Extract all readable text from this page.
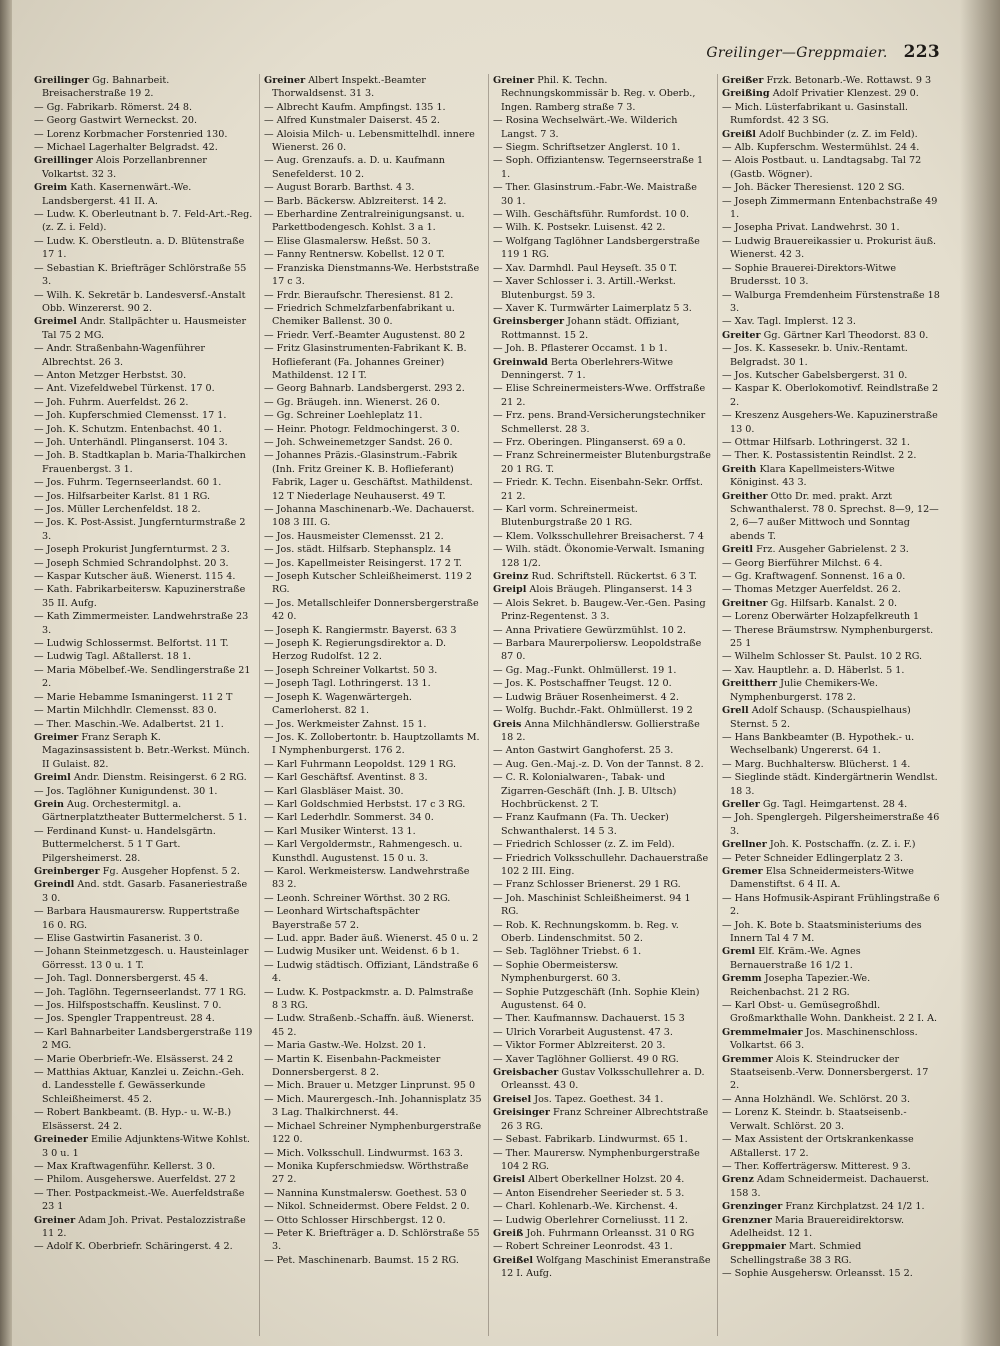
Greilinger—Greppmaier. 223

Greilinger Gg. Bahnarbeit. Breisacherstraße 19 2.

— Gg. Fabrikarb. Römerst. 24 8.

— Georg Gastwirt Werneckst. 20.

— Lorenz Korbmacher Forstenried 130.

— Michael Lagerhalter Belgradst. 42.

Greillinger Alois Porzellanbrenner Volkartst. 32 3.

Greim Kath. Kasernenwärt.-We. Landsbergerst. 41 II. A.

— Ludw. K. Oberleutnant b. 7. Feld-Art.-Reg. (z. Z. i. Feld).

— Ludw. K. Oberstleutn. a. D. Blütenstraße 17 1.

— Sebastian K. Briefträger Schlörstraße 55 3.

— Wilh. K. Sekretär b. Landesversf.-Anstalt Obb. Winzererst. 90 2.

Greimel Andr. Stallpächter u. Hausmeister Tal 75 2 MG.

— Andr. Straßenbahn-Wagenführer Albrechtst. 26 3.

— Anton Metzger Herbstst. 30.

— Ant. Vizefeldwebel Türkenst. 17 0.

— Joh. Fuhrm. Auerfeldst. 26 2.

— Joh. Kupferschmied Clemensst. 17 1.

— Joh. K. Schutzm. Entenbachst. 40 1.

— Joh. Unterhändl. Plinganserst. 104 3.

— Joh. B. Stadtkaplan b. Maria-Thalkirchen Frauenbergst. 3 1.

— Jos. Fuhrm. Tegernseerlandst. 60 1.

— Jos. Hilfsarbeiter Karlst. 81 1 RG.

— Jos. Müller Lerchenfeldst. 18 2.

— Jos. K. Post-Assist. Jungfernturmstraße 2 3.

— Joseph Prokurist Jungfernturmst. 2 3.

— Joseph Schmied Schrandolphst. 20 3.

— Kaspar Kutscher äuß. Wienerst. 115 4.

— Kath. Fabrikarbeitersw. Kapuzinerstraße 35 II. Aufg.

— Kath Zimmermeister. Landwehrstraße 23 3.

— Ludwig Schlossermst. Belfortst. 11 T.

— Ludwig Tagl. Aßtallerst. 18 1.

— Maria Möbelbef.-We. Sendlingerstraße 21 2.

— Marie Hebamme Ismaningerst. 11 2 T

— Martin Milchhdlr. Clemensst. 83 0.

— Ther. Maschin.-We. Adalbertst. 21 1.

Greimer Franz Seraph K. Magazinsassistent b. Betr.-Werkst. Münch. II Gulaist. 82.

Greiml Andr. Dienstm. Reisingerst. 6 2 RG.

— Jos. Taglöhner Kunigundenst. 30 1.

Grein Aug. Orchestermitgl. a. Gärtnerplatztheater Buttermelcherst. 5 1.

— Ferdinand Kunst- u. Handelsgärtn. Buttermelcherst. 5 1 T Gart. Pilgersheimerst. 28.

Greinberger Fg. Ausgeher Hopfenst. 5 2.

Greindl And. stdt. Gasarb. Fasaneriestraße 3 0.

— Barbara Hausmaurersw. Ruppertstraße 16 0. RG.

— Elise Gastwirtin Fasanerist. 3 0.

— Johann Steinmetzgesch. u. Hausteinlager Görresst. 13 0 u. 1 T.

— Joh. Tagl. Donnersbergerst. 45 4.

— Joh. Taglöhn. Tegernseerlandst. 77 1 RG.

— Jos. Hilfspostschaffn. Keuslinst. 7 0.

— Jos. Spengler Trappentreust. 28 4.

— Karl Bahnarbeiter Landsbergerstraße 119 2 MG.

— Marie Oberbriefr.-We. Elsässerst. 24 2

— Matthias Aktuar, Kanzlei u. Zeichn.-Geh. d. Landesstelle f. Gewässerkunde Schleißheimerst. 45 2.

— Robert Bankbeamt. (B. Hyp.- u. W.-B.) Elsässerst. 24 2.

Greineder Emilie Adjunktens-Witwe Kohlst. 3 0 u. 1

— Max Kraftwagenführ. Kellerst. 3 0.

— Philom. Ausgeherswe. Auerfeldst. 27 2

— Ther. Postpackmeist.-We. Auerfeldstraße 23 1

Greiner Adam Joh. Privat. Pestalozzistraße 11 2.

— Adolf K. Oberbriefr. Schäringerst. 4 2.

Greiner Albert Inspekt.-Beamter Thorwaldsenst. 31 3.

— Albrecht Kaufm. Ampfingst. 135 1.

— Alfred Kunstmaler Daiserst. 45 2.

— Aloisia Milch- u. Lebensmittelhdl. innere Wienerst. 26 0.

— Aug. Grenzaufs. a. D. u. Kaufmann Senefelderst. 10 2.

— August Borarb. Barthst. 4 3.

— Barb. Bäckersw. Ablzreiterst. 14 2.

— Eberhardine Zentralreinigungsanst. u. Parkettbodengesch. Kohlst. 3 a 1.

— Elise Glasmalersw. Heßst. 50 3.

— Fanny Rentnersw. Kobellst. 12 0 T.

— Franziska Dienstmanns-We. Herbststraße 17 c 3.

— Frdr. Bieraufschr. Theresienst. 81 2.

— Friedrich Schmelzfarbenfabrikant u. Chemiker Ballenst. 30 0.

— Friedr. Verf.-Beamter Augustenst. 80 2

— Fritz Glasinstrumenten-Fabrikant K. B. Hoflieferant (Fa. Johannes Greiner) Mathildenst. 12 I T.

— Georg Bahnarb. Landsbergerst. 293 2.

— Gg. Bräugeh. inn. Wienerst. 26 0.

— Gg. Schreiner Loehleplatz 11.

— Heinr. Photogr. Feldmochingerst. 3 0.

— Joh. Schweinemetzger Sandst. 26 0.

— Johannes Präzis.-Glasinstrum.-Fabrik (Inh. Fritz Greiner K. B. Hoflieferant) Fabrik, Lager u. Geschäftst. Mathildenst. 12 T Niederlage Neuhauserst. 49 T.

— Johanna Maschinenarb.-We. Dachauerst. 108 3 III. G.

— Jos. Hausmeister Clemensst. 21 2.

— Jos. städt. Hilfsarb. Stephansplz. 14

— Jos. Kapellmeister Reisingerst. 17 2 T.

— Joseph Kutscher Schleißheimerst. 119 2 RG.

— Jos. Metallschleifer Donnersbergerstraße 42 0.

— Joseph K. Rangiermstr. Bayerst. 63 3

— Joseph K. Regierungsdirektor a. D. Herzog Rudolfst. 12 2.

— Joseph Schreiner Volkartst. 50 3.

— Joseph Tagl. Lothringerst. 13 1.

— Joseph K. Wagenwärtergeh. Camerloherst. 82 1.

— Jos. Werkmeister Zahnst. 15 1.

— Jos. K. Zollobertontr. b. Hauptzollamts M. I Nymphenburgerst. 176 2.

— Karl Fuhrmann Leopoldst. 129 1 RG.

— Karl Geschäftsf. Aventinst. 8 3.

— Karl Glasbläser Maist. 30.

— Karl Goldschmied Herbstst. 17 c 3 RG.

— Karl Lederhdlr. Sommerst. 34 0.

— Karl Musiker Winterst. 13 1.

— Karl Vergoldermstr., Rahmengesch. u. Kunsthdl. Augustenst. 15 0 u. 3.

— Karol. Werkmeistersw. Landwehrstraße 83 2.

— Leonh. Schreiner Wörthst. 30 2 RG.

— Leonhard Wirtschaftspächter Bayerstraße 57 2.

— Lud. appr. Bader äuß. Wienerst. 45 0 u. 2

— Ludwig Musiker unt. Weidenst. 6 b 1.

— Ludwig städtisch. Offiziant, Ländstraße 6 4.

— Ludw. K. Postpackmstr. a. D. Palmstraße 8 3 RG.

— Ludw. Straßenb.-Schaffn. äuß. Wienerst. 45 2.

— Maria Gastw.-We. Holzst. 20 1.

— Martin K. Eisenbahn-Packmeister Donnersbergerst. 8 2.

— Mich. Brauer u. Metzger Linprunst. 95 0

— Mich. Maurergesch.-Inh. Johannisplatz 35 3 Lag. Thalkirchnerst. 44.

— Michael Schreiner Nymphenburgerstraße 122 0.

— Mich. Volksschull. Lindwurmst. 163 3.

— Monika Kupferschmiedsw. Wörthstraße 27 2.

— Nannina Kunstmalersw. Goethest. 53 0

— Nikol. Schneidermst. Obere Feldst. 2 0.

— Otto Schlosser Hirschbergst. 12 0.

— Peter K. Briefträger a. D. Schlörstraße 55 3.

— Pet. Maschinenarb. Baumst. 15 2 RG.

Greiner Phil. K. Techn. Rechnungskommissär b. Reg. v. Oberb., Ingen. Ramberg straße 7 3.

— Rosina Wechselwärt.-We. Wilderich Langst. 7 3.

— Siegm. Schriftsetzer Anglerst. 10 1.

— Soph. Offiziantensw. Tegernseerstraße 1 1.

— Ther. Glasinstrum.-Fabr.-We. Maistraße 30 1.

— Wilh. Geschäftsführ. Rumfordst. 10 0.

— Wilh. K. Postsekr. Luisenst. 42 2.

— Wolfgang Taglöhner Landsbergerstraße 119 1 RG.

— Xav. Darmhdl. Paul Heyseſt. 35 0 T.

— Xaver Schlosser i. 3. Artill.-Werkst. Blutenburgst. 59 3.

— Xaver K. Turmwärter Laimerplatz 5 3.

Greinsberger Johann städt. Offiziant, Rottmannst. 15 2.

— Joh. B. Pflasterer Occamst. 1 b 1.

Greinwald Berta Oberlehrers-Witwe Denningerst. 7 1.

— Elise Schreinermeisters-Wwe. Orffstraße 21 2.

— Frz. pens. Brand-Versicherungstechniker Schmellerst. 28 3.

— Frz. Oberingen. Plinganserst. 69 a 0.

— Franz Schreinermeister Blutenburgstraße 20 1 RG. T.

— Friedr. K. Techn. Eisenbahn-Sekr. Orffst. 21 2.

— Karl vorm. Schreinermeist. Blutenburgstraße 20 1 RG.

— Klem. Volksschullehrer Breisacherst. 7 4

— Wilh. städt. Ökonomie-Verwalt. Ismaning 128 1/2.

Greinz Rud. Schriftstell. Rückertst. 6 3 T.

Greipl Alois Bräugeh. Plinganserst. 14 3

— Alois Sekret. b. Baugew.-Ver.-Gen. Pasing Prinz-Regentenst. 3 3.

— Anna Privatiere Gewürzmühlst. 10 2.

— Barbara Maurerpoliersw. Leopoldstraße 87 0.

— Gg. Mag.-Funkt. Ohlmüllerst. 19 1.

— Jos. K. Postschaffner Teugst. 12 0.

— Ludwig Bräuer Rosenheimerst. 4 2.

— Wolfg. Buchdr.-Fakt. Ohlmüllerst. 19 2

Greis Anna Milchhändlersw. Gollierstraße 18 2.

— Anton Gastwirt Ganghoferst. 25 3.

— Aug. Gen.-Maj.-z. D. Von der Tannst. 8 2.

— C. R. Kolonialwaren-, Tabak- und Zigarren-Geschäft (Inh. J. B. Ultsch) Hochbrückenst. 2 T.

— Franz Kaufmann (Fa. Th. Uecker) Schwanthalerst. 14 5 3.

— Friedrich Schlosser (z. Z. im Feld).

— Friedrich Volksschullehr. Dachauerstraße 102 2 III. Eing.

— Franz Schlosser Brienerst. 29 1 RG.

— Joh. Maschinist Schleißheimerst. 94 1 RG.

— Rob. K. Rechnungskomm. b. Reg. v. Oberb. Lindenschmitst. 50 2.

— Seb. Taglöhner Triebst. 6 1.

— Sophie Obermeistersw. Nymphenburgerst. 60 3.

— Sophie Putzgeschäft (Inh. Sophie Klein) Augustenst. 64 0.

— Ther. Kaufmannsw. Dachauerst. 15 3

— Ulrich Vorarbeit Augustenst. 47 3.

— Viktor Former Ablzreiterst. 20 3.

— Xaver Taglöhner Gollierst. 49 0 RG.

Greisbacher Gustav Volksschullehrer a. D. Orleansst. 43 0.

Greisel Jos. Tapez. Goethest. 34 1.

Greisinger Franz Schreiner Albrechtstraße 26 3 RG.

— Sebast. Fabrikarb. Lindwurmst. 65 1.

— Ther. Maurersw. Nymphenburgerstraße 104 2 RG.

Greisl Albert Oberkellner Holzst. 20 4.

— Anton Eisendreher Seerieder st. 5 3.

— Charl. Kohlenarb.-We. Kirchenst. 4.

— Ludwig Oberlehrer Corneliusst. 11 2.

Greiß Joh. Fuhrmann Orleansst. 31 0 RG

— Robert Schreiner Leonrodst. 43 1.

Greißel Wolfgang Maschinist Emeranstraße 12 I. Aufg.

Greißer Frzk. Betonarb.-We. Rottawst. 9 3

Greißing Adolf Privatier Klenzest. 29 0.

— Mich. Lüsterfabrikant u. Gasinstall. Rumfordst. 42 3 SG.

Greißl Adolf Buchbinder (z. Z. im Feld).

— Alb. Kupferschm. Westermühlst. 24 4.

— Alois Postbaut. u. Landtagsabg. Tal 72 (Gastb. Wögner).

— Joh. Bäcker Theresienst. 120 2 SG.

— Joseph Zimmermann Entenbachstraße 49 1.

— Josepha Privat. Landwehrst. 30 1.

— Ludwig Brauereikassier u. Prokurist äuß. Wienerst. 42 3.

— Sophie Brauerei-Direktors-Witwe Brudersst. 10 3.

— Walburga Fremdenheim Fürstenstraße 18 3.

— Xav. Tagl. Implerst. 12 3.

Greiter Gg. Gärtner Karl Theodorst. 83 0.

— Jos. K. Kassesekr. b. Univ.-Rentamt. Belgradst. 30 1.

— Jos. Kutscher Gabelsbergerst. 31 0.

— Kaspar K. Oberlokomotivf. Reindlstraße 2 2.

— Kreszenz Ausgehers-We. Kapuzinerstraße 13 0.

— Ottmar Hilfsarb. Lothringerst. 32 1.

— Ther. K. Postassistentin Reindlst. 2 2.

Greith Klara Kapellmeisters-Witwe Königinst. 43 3.

Greither Otto Dr. med. prakt. Arzt Schwanthalerst. 78 0. Sprechst. 8—9, 12—2, 6—7 außer Mittwoch und Sonntag abends T.

Greitl Frz. Ausgeher Gabrielenst. 2 3.

— Georg Bierführer Milchst. 6 4.

— Gg. Kraftwagenf. Sonnenst. 16 a 0.

— Thomas Metzger Auerfeldst. 26 2.

Greitner Gg. Hilfsarb. Kanalst. 2 0.

— Lorenz Oberwärter Holzapfelkreuth 1

— Therese Bräumstrsw. Nymphenburgerst. 25 1

— Wilhelm Schlosser St. Paulst. 10 2 RG.

— Xav. Hauptlehr. a. D. Häberlst. 5 1.

Greittherr Julie Chemikers-We. Nymphenburgerst. 178 2.

Grell Adolf Schausp. (Schauspielhaus) Sternst. 5 2.

— Hans Bankbeamter (B. Hypothek.- u. Wechselbank) Ungererst. 64 1.

— Marg. Buchhaltersw. Blücherst. 1 4.

— Sieglinde städt. Kindergärtnerin Wendlst. 18 3.

Greller Gg. Tagl. Heimgartenst. 28 4.

— Joh. Spenglergeh. Pilgersheimerstraße 46 3.

Grellner Joh. K. Postschaffn. (z. Z. i. F.)

— Peter Schneider Edlingerplatz 2 3.

Gremer Elsa Schneidermeisters-Witwe Damenstiftst. 6 4 II. A.

— Hans Hofmusik-Aspirant Frühlingstraße 6 2.

— Joh. K. Bote b. Staatsministeriums des Innern Tal 4 7 M.

Greml Elf. Kräm.-We. Agnes Bernauerstraße 16 1/2 1.

Gremm Josepha Tapezier.-We. Reichenbachst. 21 2 RG.

— Karl Obst- u. Gemüsegroßhdl. Großmarkthalle Wohn. Dankheist. 2 2 I. A.

Gremmelmaier Jos. Maschinenschloss. Volkartst. 66 3.

Gremmer Alois K. Steindrucker der Staatseisenb.-Verw. Donnersbergerst. 17 2.

— Anna Holzhändl. We. Schlörst. 20 3.

— Lorenz K. Steindr. b. Staatseisenb.-Verwalt. Schlörst. 20 3.

— Max Assistent der Ortskrankenkasse Aßtallerst. 17 2.

— Ther. Kofferträgersw. Mitterest. 9 3.

Grenz Adam Schneidermeist. Dachauerst. 158 3.

Grenzinger Franz Kirchplatzst. 24 1/2 1.

Grenzner Maria Brauereidirektorsw. Adelheidst. 12 1.

Greppmaier Mart. Schmied Schellingstraße 38 3 RG.

— Sophie Ausgehersw. Orleansst. 15 2.
